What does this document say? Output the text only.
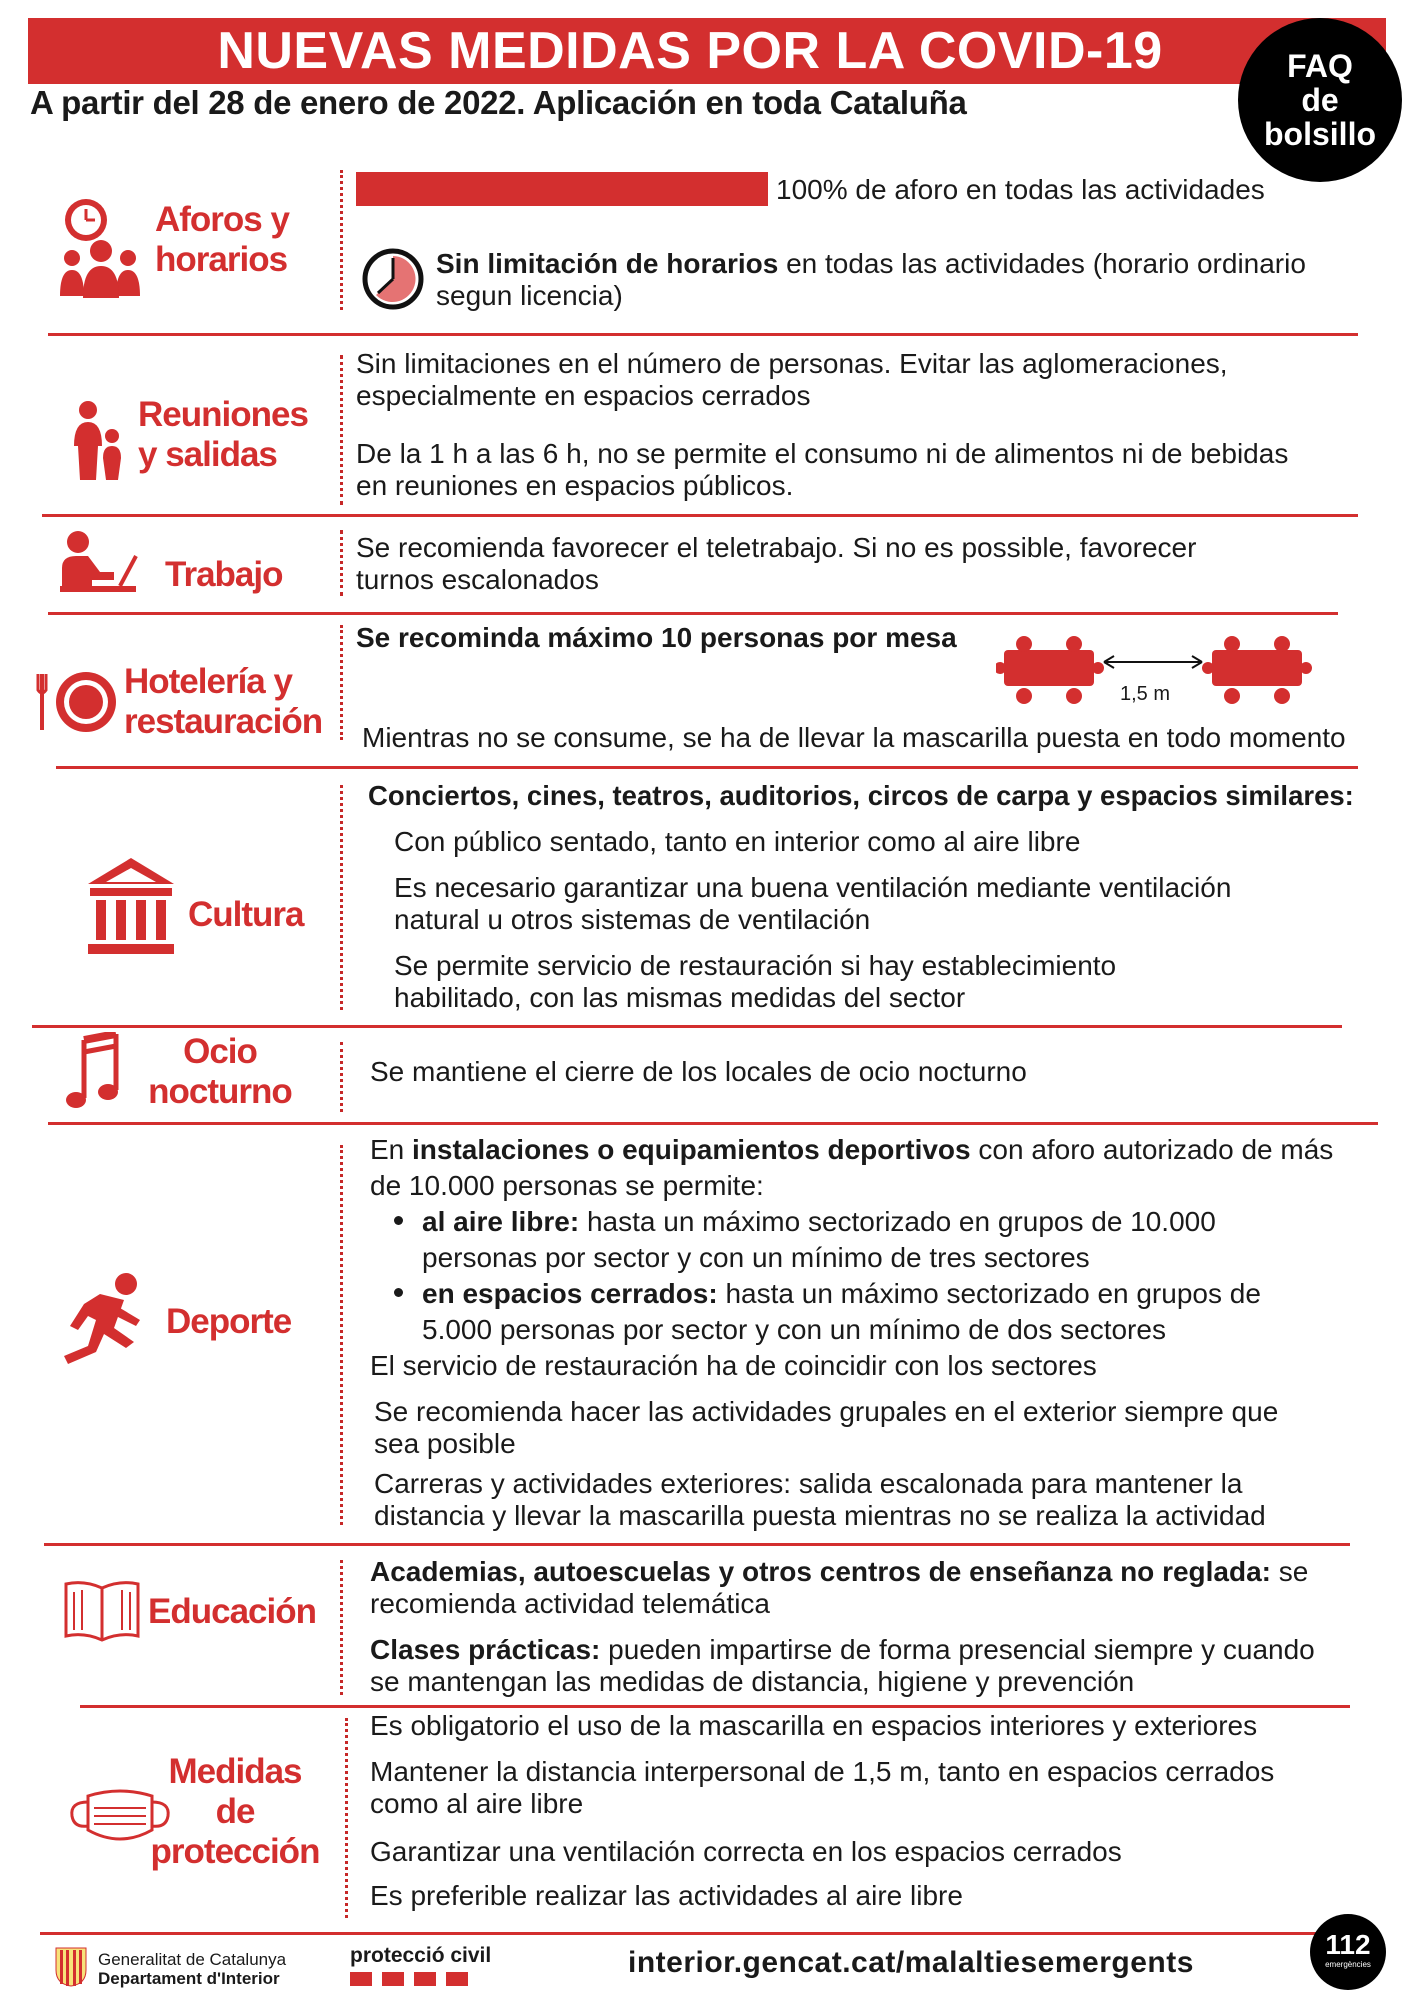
NUEVAS MEDIDAS POR LA COVID-19
A partir del 28 de enero de 2022. Aplicación en toda Cataluña
FAQ
de
bolsillo
Aforos y
horarios
100% de aforo en todas las actividades
Sin limitación de horarios en todas las actividades (horario ordinario
segun licencia)
Reuniones
y salidas
Sin limitaciones en el número de personas. Evitar las aglomeraciones,
especialmente en espacios cerrados
De la 1 h a las 6 h, no se permite el consumo ni de alimentos ni de bebidas
en reuniones en espacios públicos.
Trabajo
Se recomienda favorecer el teletrabajo. Si no es possible, favorecer
turnos escalonados
Hotelería y
restauración
Se recominda máximo 10 personas por mesa
1,5 m
Mientras no se consume, se ha de llevar la mascarilla puesta en todo momento
Cultura
Conciertos, cines, teatros, auditorios, circos de carpa y espacios similares:
Con público sentado, tanto en interior como al aire libre
Es necesario garantizar una buena ventilación mediante ventilación
natural u otros sistemas de ventilación
Se permite servicio de restauración si hay establecimiento
habilitado, con las mismas medidas del sector
Ocio
nocturno
Se mantiene el cierre de los locales de ocio nocturno
Deporte
En instalaciones o equipamientos deportivos con aforo autorizado de más
de 10.000 personas se permite:
al aire libre: hasta un máximo sectorizado en grupos de 10.000
personas por sector y con un mínimo de tres sectores
en espacios cerrados: hasta un máximo sectorizado en grupos de
5.000 personas por sector y con un mínimo de dos sectores
El servicio de restauración ha de coincidir con los sectores
Se recomienda hacer las actividades grupales en el exterior siempre que
sea posible
Carreras y actividades exteriores: salida escalonada para mantener la
distancia y llevar la mascarilla puesta mientras no se realiza la actividad
Educación
Academias, autoescuelas y otros centros de enseñanza no reglada: se
recomienda actividad telemática
Clases prácticas: pueden impartirse de forma presencial siempre y cuando
se mantengan las medidas de distancia, higiene y prevención
Medidas
de
protección
Es obligatorio el uso de la mascarilla en espacios interiores y exteriores
Mantener la distancia interpersonal de 1,5 m, tanto en espacios cerrados
como al aire libre
Garantizar una ventilación correcta en los espacios cerrados
Es preferible realizar las actividades al aire libre
Generalitat de Catalunya
Departament d'Interior
protecció civil	interior.gencat.cat/malaltiesemergents
112
emergències
